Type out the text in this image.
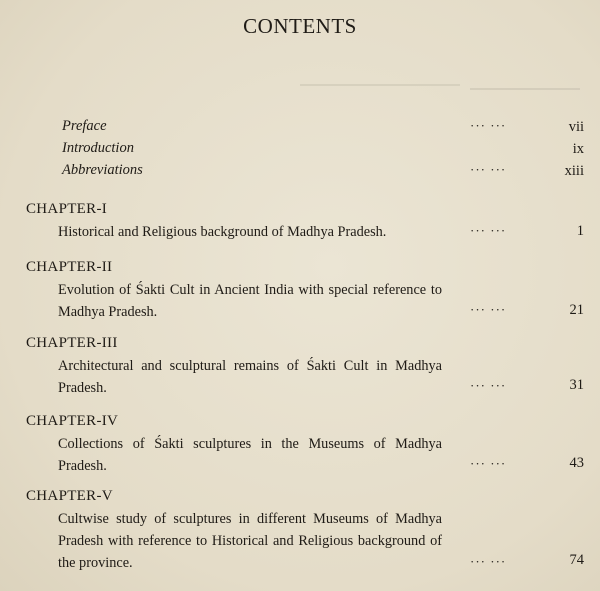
CONTENTS
Preface	··· ···	vii
Introduction	ix
Abbreviations	··· ···	xiii
CHAPTER-I
Historical and Religious background of Madhya Pradesh.	··· ···	1
CHAPTER-II
Evolution of Śakti Cult in Ancient India with special reference to Madhya Pradesh.	··· ···	21
CHAPTER-III
Architectural and sculptural remains of Śakti Cult in Madhya Pradesh.	··· ···	31
CHAPTER-IV
Collections of Śakti sculptures in the Museums of Madhya Pradesh.	··· ···	43
CHAPTER-V
Cultwise study of sculptures in different Museums of Madhya Pradesh with reference to Historical and Religious background of the province.	··· ···	74
